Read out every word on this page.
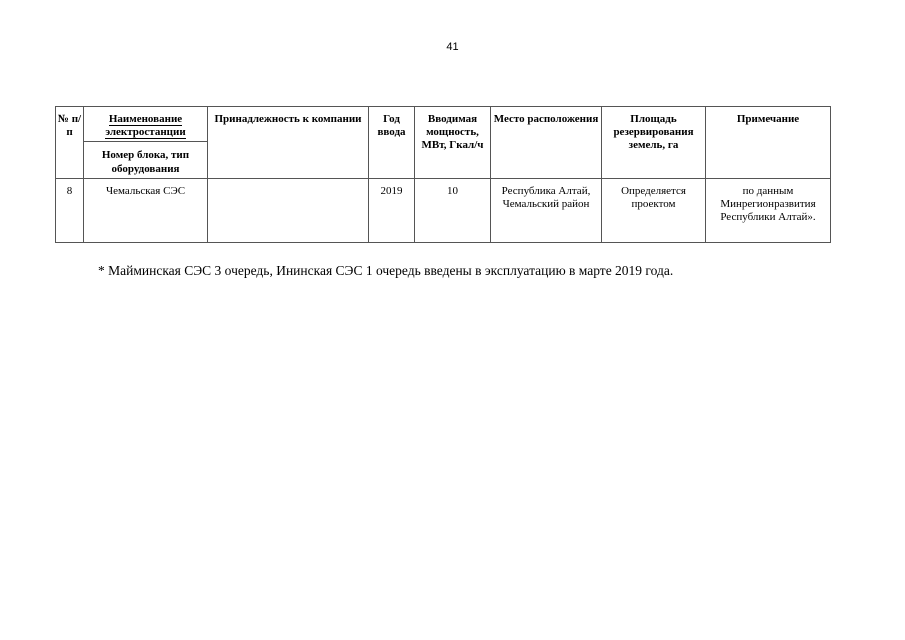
41
№ п/п	Наименование электростанции	Принадлежность к компании	Год ввода	Вводимая мощность, МВт, Гкал/ч	Место расположения	Площадь резервирования земель, га	Примечание
	Номер блока, тип оборудования						
8	Чемальская СЭС		2019	10	Республика Алтай, Чемальский район	Определяется проектом	по данным Минрегионразвития Республики Алтай».
* Майминская СЭС 3 очередь, Ининская СЭС 1 очередь введены в эксплуатацию в марте 2019 года.
